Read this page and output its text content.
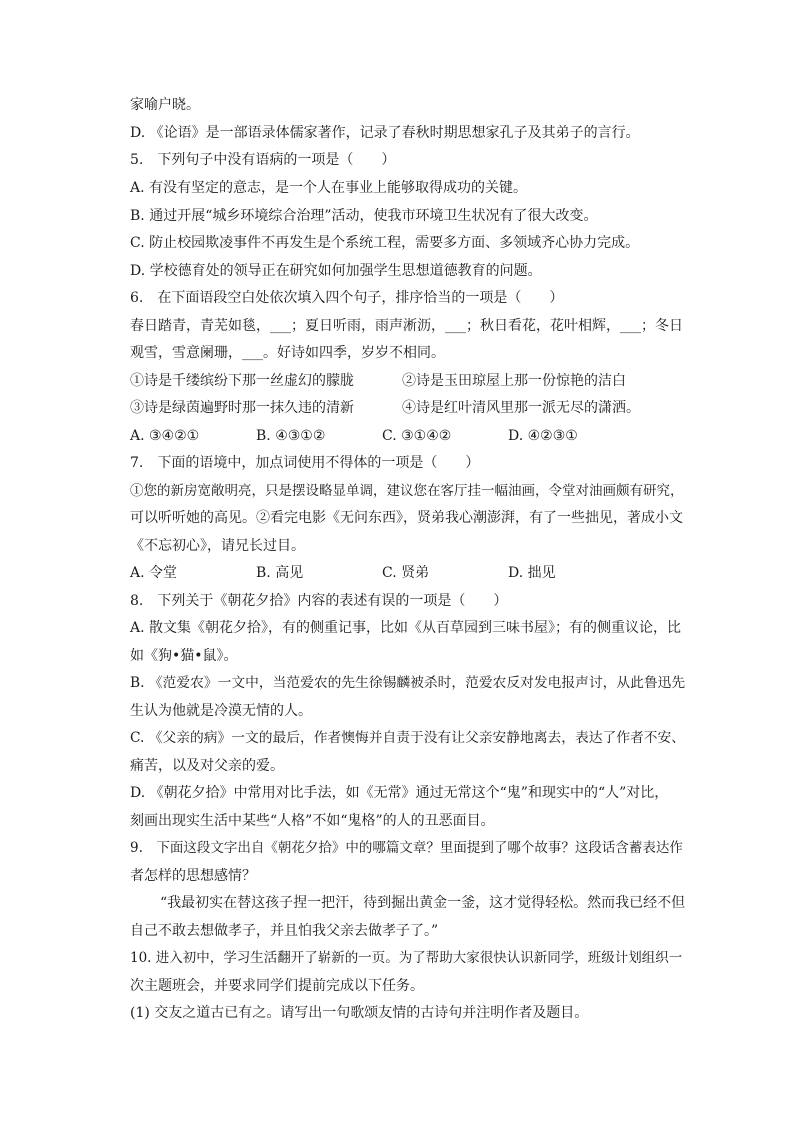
家喻户晓。
D. 《论语》是一部语录体儒家著作，记录了春秋时期思想家孔子及其弟子的言行。
5.　下列句子中没有语病的一项是（　　）
A. 有没有坚定的意志，是一个人在事业上能够取得成功的关键。
B. 通过开展“城乡环境综合治理”活动，使我市环境卫生状况有了很大改变。
C. 防止校园欺凌事件不再发生是个系统工程，需要多方面、多领域齐心协力完成。
D. 学校德育处的领导正在研究如何加强学生思想道德教育的问题。
6.　在下面语段空白处依次填入四个句子，排序恰当的一项是（　　）
春日踏青，青芜如毯，___；夏日听雨，雨声淅沥，___；秋日看花，花叶相辉，___；冬日
观雪，雪意阑珊，___。好诗如四季，岁岁不相同。
①诗是千缕缤纷下那一丝虚幻的朦胧	②诗是玉田琼屋上那一份惊艳的洁白
③诗是绿茵遍野时那一抹久违的清新	④诗是红叶清风里那一派无尽的潇洒。
A. ③④②①	B. ④③①②	C. ③①④②	D. ④②③①
7.　下面的语境中，加点词使用不得体的一项是（　　）
①您的新房宽敞明亮，只是摆设略显单调，建议您在客厅挂一幅油画，令堂对油画颇有研究，
可以听听她的高见。②看完电影《无问东西》，贤弟我心潮澎湃，有了一些拙见，著成小文
《不忘初心》，请兄长过目。
A. 令堂	B. 高见	C. 贤弟	D. 拙见
8.　下列关于《朝花夕拾》内容的表述有误的一项是（　　）
A. 散文集《朝花夕拾》，有的侧重记事，比如《从百草园到三味书屋》；有的侧重议论，比
如《狗•猫•鼠》。
B. 《范爱农》一文中，当范爱农的先生徐锡麟被杀时，范爱农反对发电报声讨，从此鲁迅先
生认为他就是冷漠无情的人。
C. 《父亲的病》一文的最后，作者懊悔并自责于没有让父亲安静地离去，表达了作者不安、
痛苦，以及对父亲的爱。
D. 《朝花夕拾》中常用对比手法，如《无常》通过无常这个“鬼”和现实中的“人”对比，
刻画出现实生活中某些“人格”不如“鬼格”的人的丑恶面目。
9.　下面这段文字出自《朝花夕拾》中的哪篇文章？里面提到了哪个故事？这段话含蓄表达作
者怎样的思想感情？
“我最初实在替这孩子捏一把汗，待到掘出黄金一釜，这才觉得轻松。然而我已经不但
自己不敢去想做孝子，并且怕我父亲去做孝子了。”
10. 进入初中，学习生活翻开了崭新的一页。为了帮助大家很快认识新同学，班级计划组织一
次主题班会，并要求同学们提前完成以下任务。
(1) 交友之道古已有之。请写出一句歌颂友情的古诗句并注明作者及题目。
